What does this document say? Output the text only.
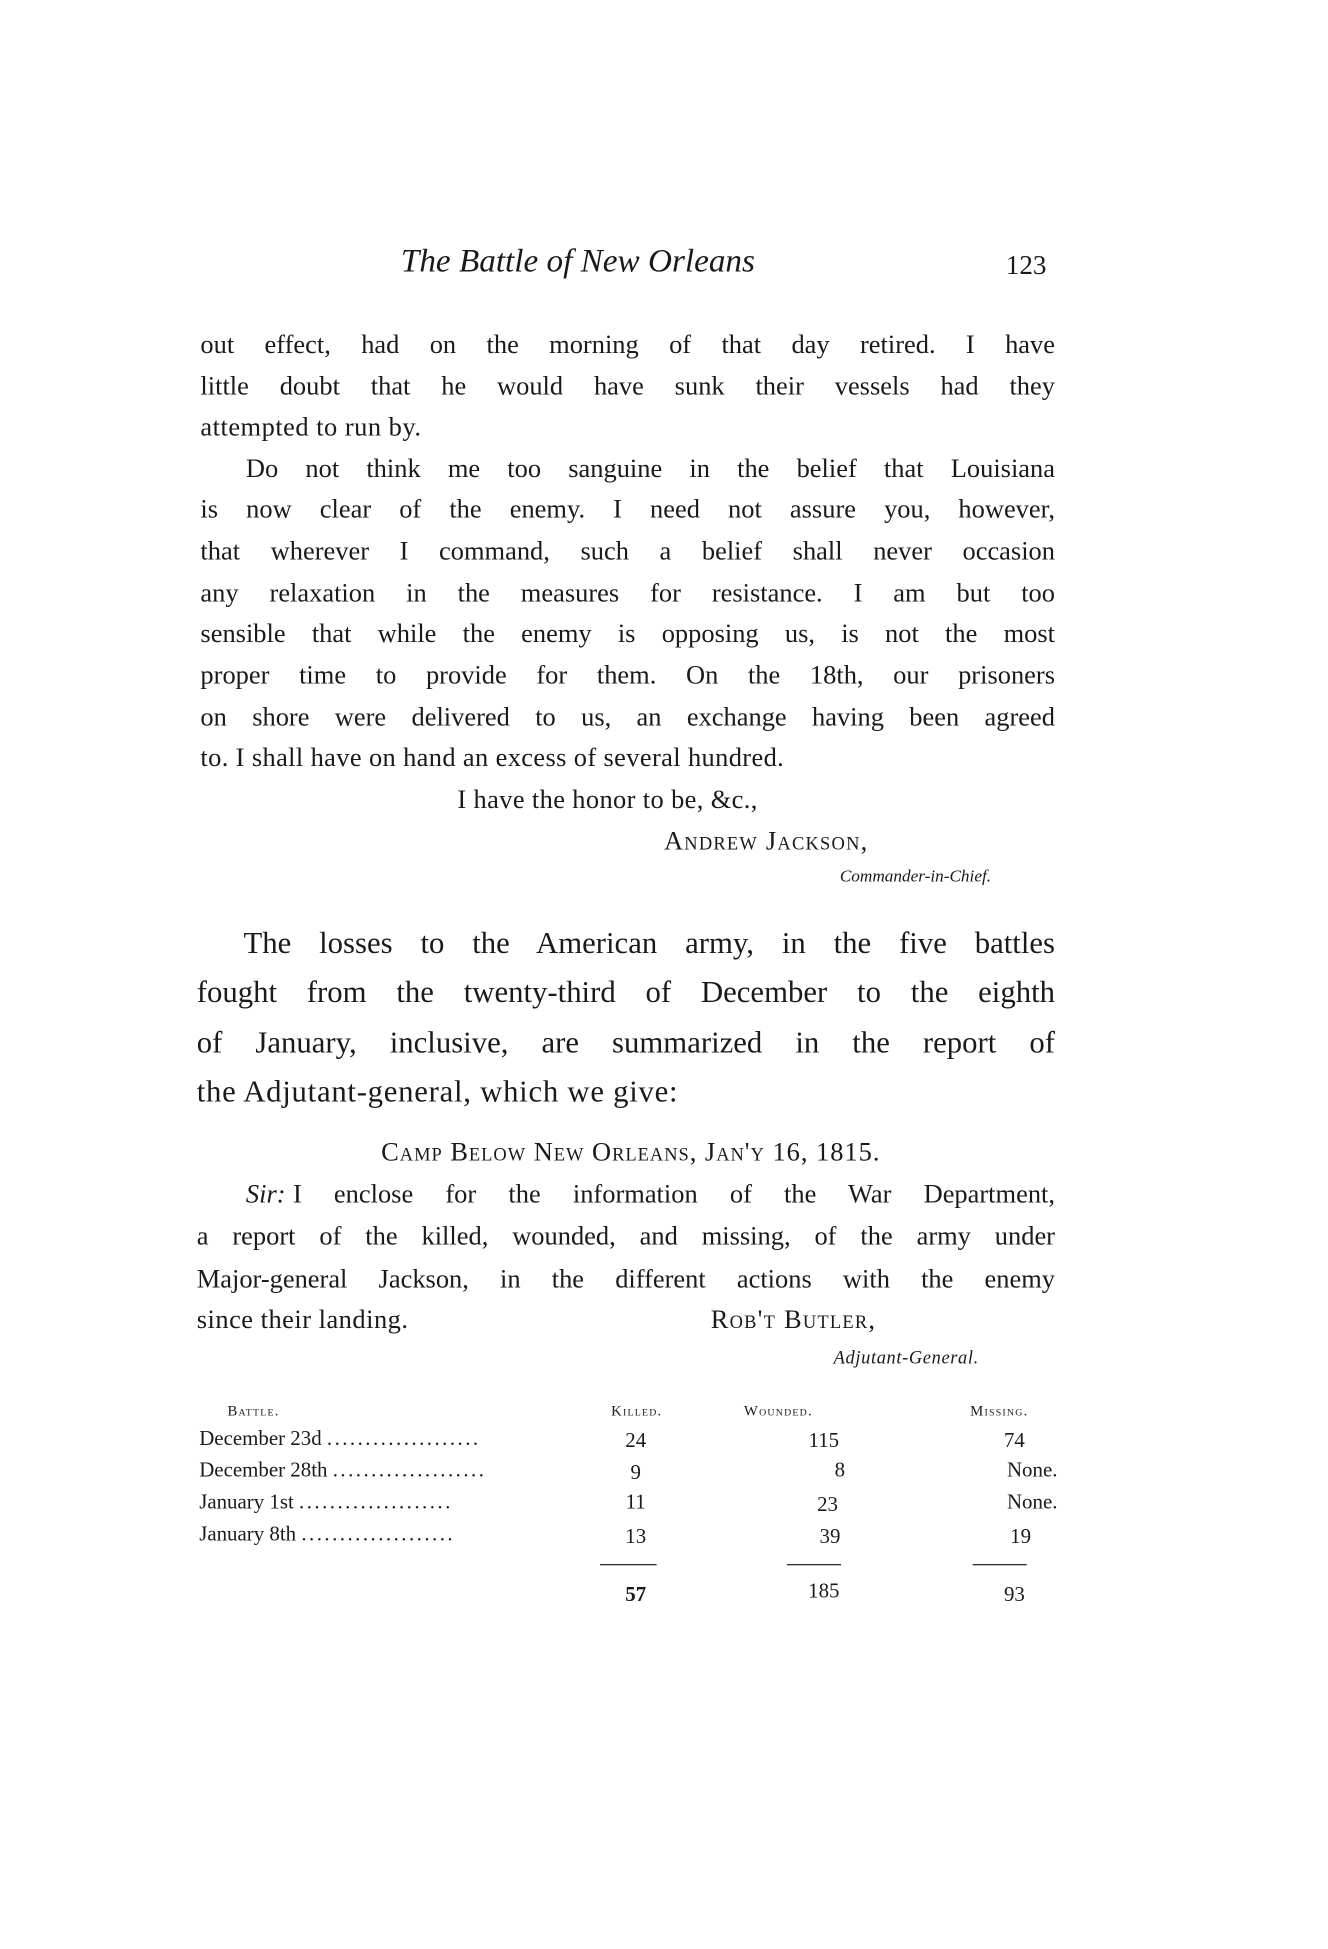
The Battle of New Orleans	123
out effect, had on the morning of that day retired. I have
little doubt that he would have sunk their vessels had they
attempted to run by.
Do not think me too sanguine in the belief that Louisiana
is now clear of the enemy. I need not assure you, however,
that wherever I command, such a belief shall never occasion
any relaxation in the measures for resistance. I am but too
sensible that while the enemy is opposing us, is not the most
proper time to provide for them. On the 18th, our prisoners
on shore were delivered to us, an exchange having been agreed
to. I shall have on hand an excess of several hundred.
I have the honor to be, &c.,
Andrew Jackson,
Commander-in-Chief.
The losses to the American army, in the five battles
fought from the twenty-third of December to the eighth
of January, inclusive, are summarized in the report of
the Adjutant-general, which we give:
Camp Below New Orleans, Jan'y 16, 1815.
Sir: I enclose for the information of the War Department,
a report of the killed, wounded, and missing, of the army under
Major-general Jackson, in the different actions with the enemy
since their landing.	Rob't Butler,
Adjutant-General.
Battle.	Killed.	Wounded.	Missing.
December 23d ....................	24	115	74
December 28th ....................	9	8	None.
January 1st ....................	11	23	None.
January 8th ....................	13	39	19
57	185	93
